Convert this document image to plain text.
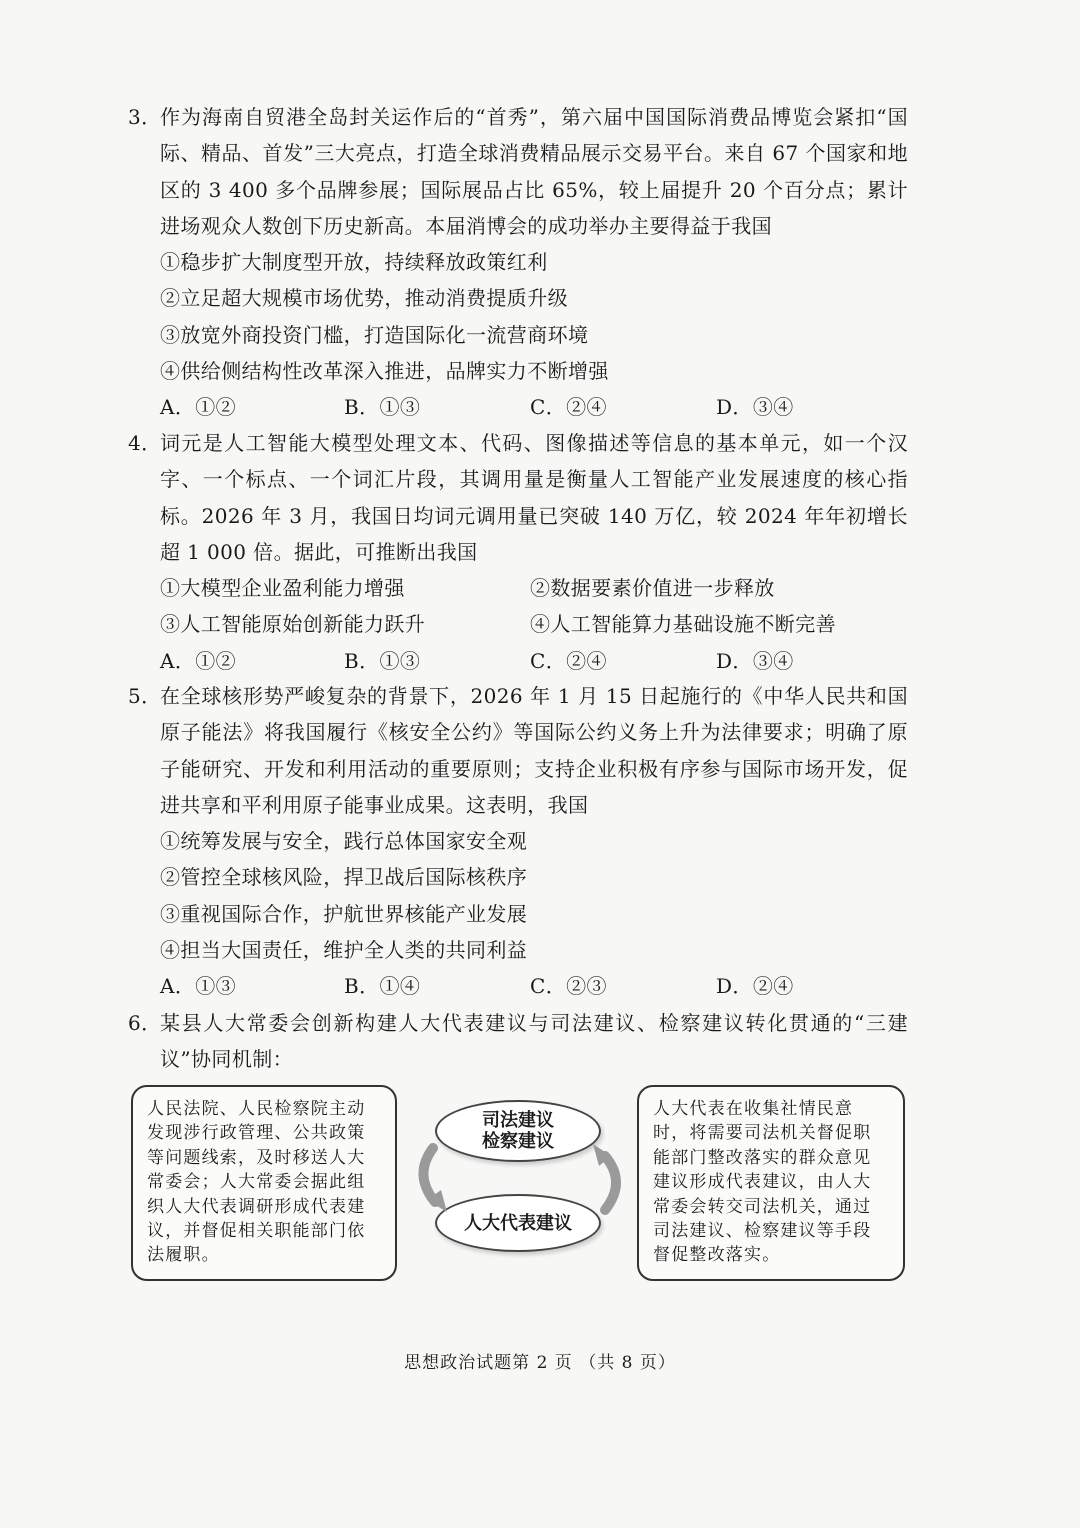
3．
作为海南自贸港全岛封关运作后的“首秀”，第六届中国国际消费品博览会紧扣“国际、精品、首发”三大亮点，打造全球消费精品展示交易平台。来自 67 个国家和地区的 3 400 多个品牌参展；国际展品占比 65%，较上届提升 20 个百分点；累计进场观众人数创下历史新高。本届消博会的成功举办主要得益于我国
①稳步扩大制度型开放，持续释放政策红利
②立足超大规模市场优势，推动消费提质升级
③放宽外商投资门槛，打造国际化一流营商环境
④供给侧结构性改革深入推进，品牌实力不断增强
A．①②	B．①③	C．②④	D．③④
4．
词元是人工智能大模型处理文本、代码、图像描述等信息的基本单元，如一个汉字、一个标点、一个词汇片段，其调用量是衡量人工智能产业发展速度的核心指标。2026 年 3 月，我国日均词元调用量已突破 140 万亿，较 2024 年年初增长超 1 000 倍。据此，可推断出我国
①大模型企业盈利能力增强	②数据要素价值进一步释放
③人工智能原始创新能力跃升	④人工智能算力基础设施不断完善
A．①②	B．①③	C．②④	D．③④
5．
在全球核形势严峻复杂的背景下，2026 年 1 月 15 日起施行的《中华人民共和国原子能法》将我国履行《核安全公约》等国际公约义务上升为法律要求；明确了原子能研究、开发和利用活动的重要原则；支持企业积极有序参与国际市场开发，促进共享和平利用原子能事业成果。这表明，我国
①统筹发展与安全，践行总体国家安全观
②管控全球核风险，捍卫战后国际核秩序
③重视国际合作，护航世界核能产业发展
④担当大国责任，维护全人类的共同利益
A．①③	B．①④	C．②③	D．②④
6．
某县人大常委会创新构建人大代表建议与司法建议、检察建议转化贯通的“三建议”协同机制：
人民法院、人民检察院主动发现涉行政管理、公共政策等问题线索，及时移送人大常委会；人大常委会据此组织人大代表调研形成代表建议，并督促相关职能部门依法履职。
人大代表在收集社情民意时，将需要司法机关督促职能部门整改落实的群众意见建议形成代表建议，由人大常委会转交司法机关，通过司法建议、检察建议等手段督促整改落实。
司法建议
检察建议
人大代表建议
思想政治试题第 2 页 （共 8 页）
